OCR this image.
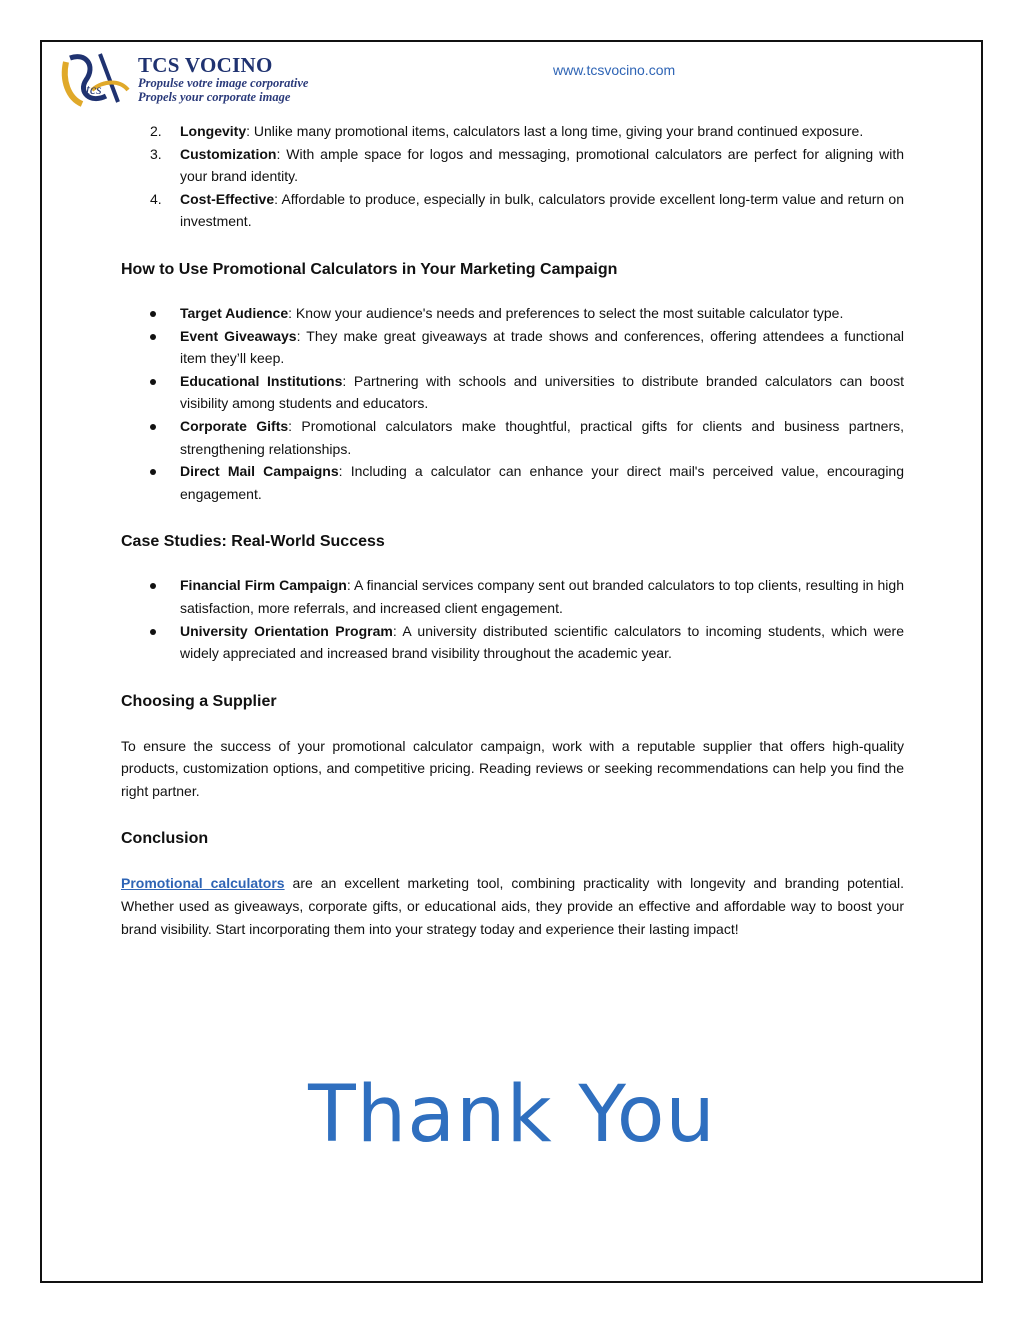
tcs
TCS VOCINO
Propulse votre image corporative
Propels your corporate image
www.tcsvocino.com
2. Longevity: Unlike many promotional items, calculators last a long time, giving your brand continued exposure.
3. Customization: With ample space for logos and messaging, promotional calculators are perfect for aligning with your brand identity.
4. Cost-Effective: Affordable to produce, especially in bulk, calculators provide excellent long-term value and return on investment.
How to Use Promotional Calculators in Your Marketing Campaign
Target Audience: Know your audience's needs and preferences to select the most suitable calculator type.
Event Giveaways: They make great giveaways at trade shows and conferences, offering attendees a functional item they’ll keep.
Educational Institutions: Partnering with schools and universities to distribute branded calculators can boost visibility among students and educators.
Corporate Gifts: Promotional calculators make thoughtful, practical gifts for clients and business partners, strengthening relationships.
Direct Mail Campaigns: Including a calculator can enhance your direct mail's perceived value, encouraging engagement.
Case Studies: Real-World Success
Financial Firm Campaign: A financial services company sent out branded calculators to top clients, resulting in high satisfaction, more referrals, and increased client engagement.
University Orientation Program: A university distributed scientific calculators to incoming students, which were widely appreciated and increased brand visibility throughout the academic year.
Choosing a Supplier

To ensure the success of your promotional calculator campaign, work with a reputable supplier that offers high-quality products, customization options, and competitive pricing. Reading reviews or seeking recommendations can help you find the right partner.

Conclusion

Promotional calculators are an excellent marketing tool, combining practicality with longevity and branding potential. Whether used as giveaways, corporate gifts, or educational aids, they provide an effective and affordable way to boost your brand visibility. Start incorporating them into your strategy today and experience their lasting impact!

Thank You
